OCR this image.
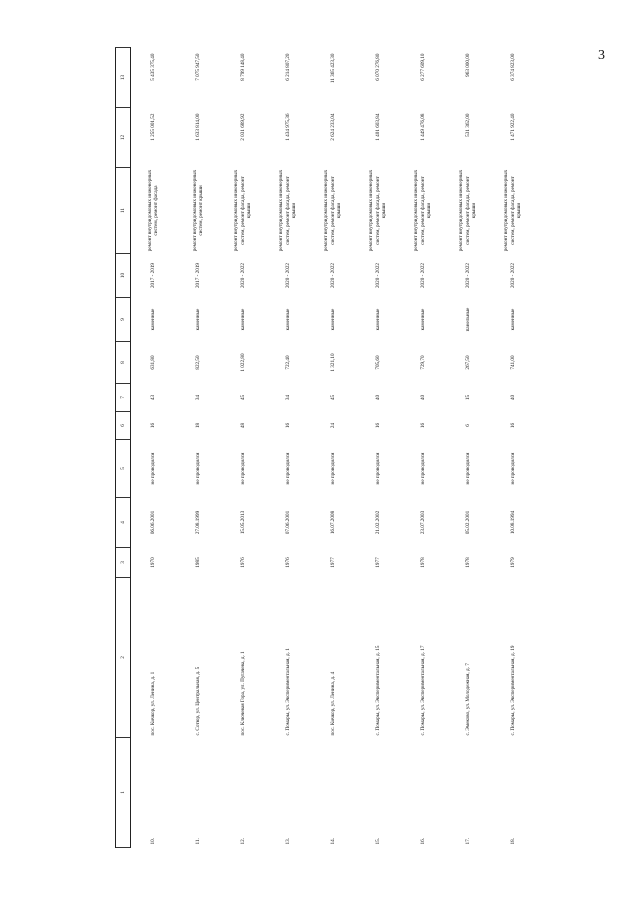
3
1	2	3	4	5	6	7	8	9	10	11	12	13
10.	пос. Кичкор, ул. Ленина, д. 1	1970	06.06.2001	не проводился	16	43	631,80	каменные	2017 - 2019	ремонт внутридомовых инженерных систем, ремонт фасада	1 255 001,52	5 435 375,40
11.	с. Сотюр, ул. Центральная, д. 5	1985	27.08.1999	не проводился	18	34	822,50	каменные	2017 - 2019	ремонт внутридомовых инженерных систем, ремонт крыши	1 633 814,00	7 075 947,50
12.	пос. Ключевая Гора, ул. Пугачева, д. 1	1976	15.05.2013	не проводился	48	45	1 022,80	каменные	2020 - 2022	ремонт внутридомовых инженерных систем, ремонт фасада, ремонт крыши	2 031 689,92	8 799 148,40
13.	с. Помары, ул. Экспериментальная, д. 1	1976	07.06.2001	не проводился	16	34	722,40	каменные	2020 - 2022	ремонт внутридомовых инженерных систем, ремонт фасада, ремонт крыши	1 434 975,36	6 214 807,20
14.	пос. Кичкор, ул. Ленина, д. 4	1977	16.07.2008	не проводился	24	45	1 321,10	каменные	2020 - 2022	ремонт внутридомовых инженерных систем, ремонт фасада, ремонт крыши	2 624 233,04	11 365 423,30
15.	с. Помары, ул. Экспериментальная, д. 15	1977	21.02.2002	не проводился	16	40	705,60	каменные	2020 - 2022	ремонт внутридомовых инженерных систем, ремонт фасада, ремонт крыши	1 401 603,84	6 070 276,80
16.	с. Помары, ул. Экспериментальная, д. 17	1978	23.07.2003	не проводился	16	40	729,70	каменные	2020 - 2022	ремонт внутридомовых инженерных систем, ремонт фасада, ремонт крыши	1 449 476,08	6 277 609,10
17.	с. Эмеково, ул. Молодежная, д. 7	1978	05.02.2001	не проводился	6	15	267,50	панельные	2020 - 2022	ремонт внутридомовых инженерных систем, ремонт фасада, ремонт крыши	531 362,00	963 000,00
18.	с. Помары, ул. Экспериментальная, д. 19	1979	10.08.1994	не проводился	16	40	741,00	каменные	2020 - 2022	ремонт внутридомовых инженерных систем, ремонт фасада, ремонт крыши	1 471 922,40	6 374 823,00
